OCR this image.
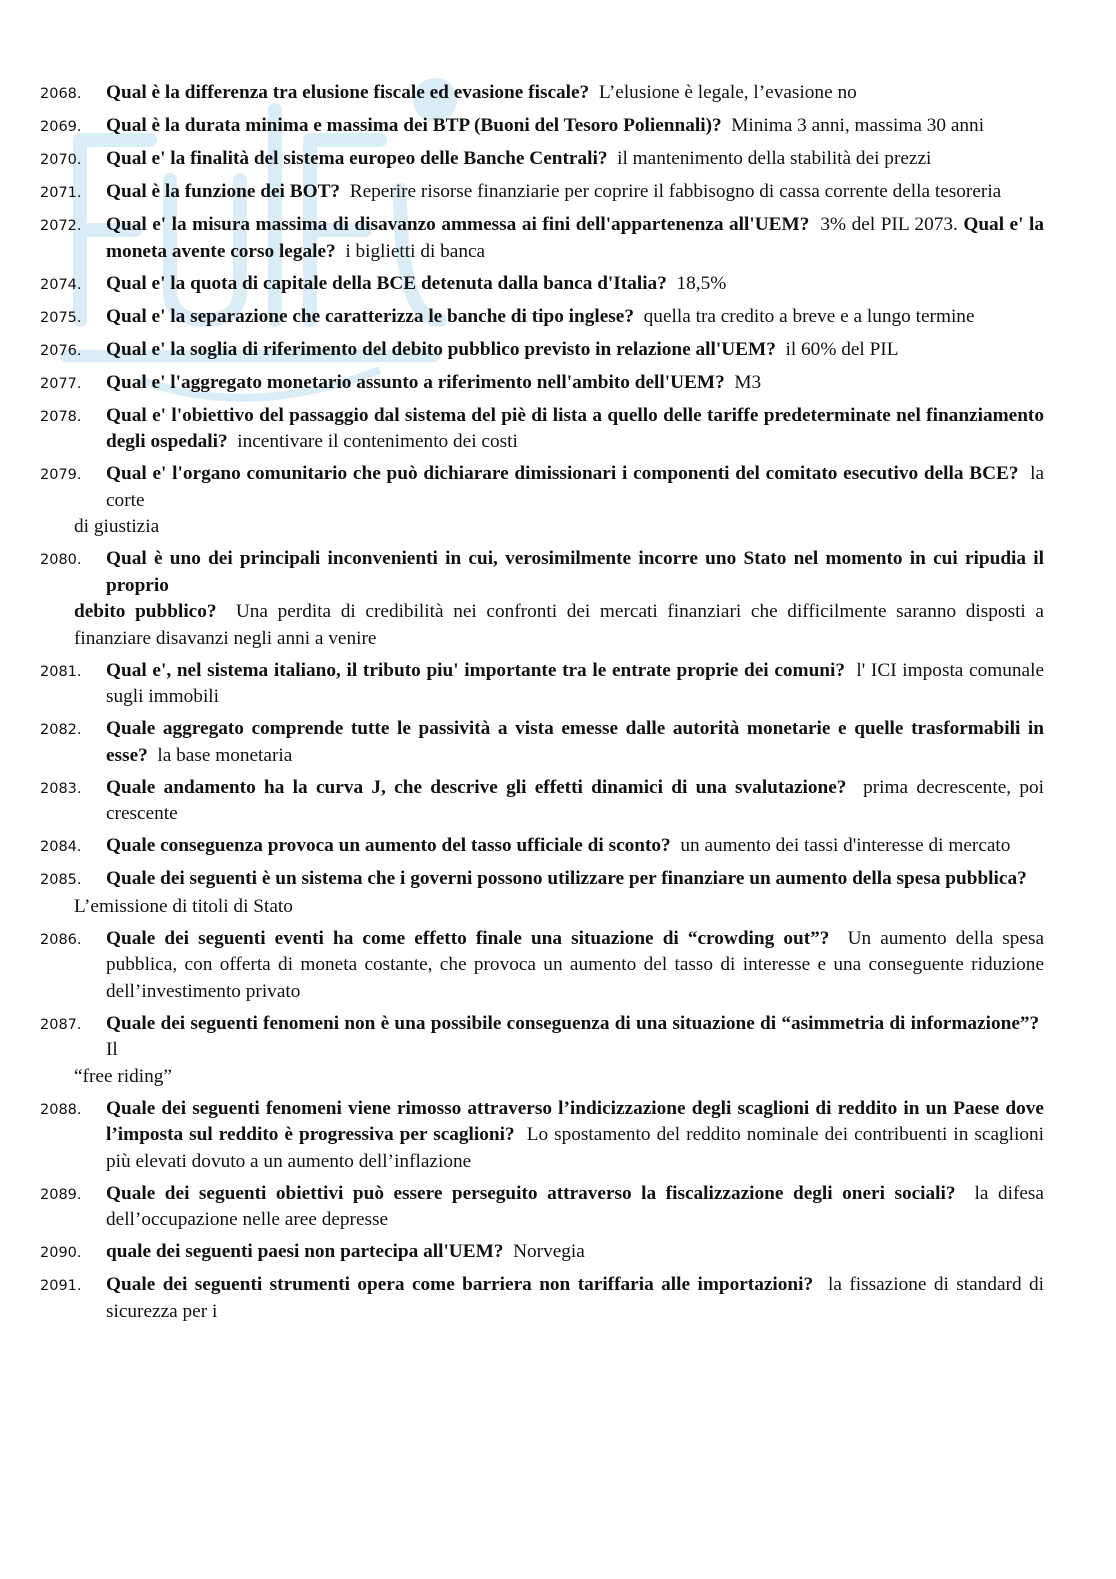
2068.	Qual è la differenza tra elusione fiscale ed evasione fiscale? L’elusione è legale, l’evasione no
2069.	Qual è la durata minima e massima dei BTP (Buoni del Tesoro Poliennali)? Minima 3 anni, massima 30 anni
2070.	Qual e' la finalità del sistema europeo delle Banche Centrali? il mantenimento della stabilità dei prezzi
2071.	Qual è la funzione dei BOT? Reperire risorse finanziarie per coprire il fabbisogno di cassa corrente della tesoreria
2072.	Qual e' la misura massima di disavanzo ammessa ai fini dell'appartenenza all'UEM? 3% del PIL 2073. Qual e' la moneta avente corso legale? i biglietti di banca
2074.	Qual e' la quota di capitale della BCE detenuta dalla banca d'Italia? 18,5%
2075.	Qual e' la separazione che caratterizza le banche di tipo inglese? quella tra credito a breve e a lungo termine
2076.	Qual e' la soglia di riferimento del debito pubblico previsto in relazione all'UEM? il 60% del PIL
2077.	Qual e' l'aggregato monetario assunto a riferimento nell'ambito dell'UEM? M3
2078.	Qual e' l'obiettivo del passaggio dal sistema del piè di lista a quello delle tariffe predeterminate nel finanziamento degli ospedali? incentivare il contenimento dei costi
2079.	Qual e' l'organo comunitario che può dichiarare dimissionari i componenti del comitato esecutivo della BCE? la corte
di giustizia
2080.	Qual è uno dei principali inconvenienti in cui, verosimilmente incorre uno Stato nel momento in cui ripudia il proprio
debito pubblico? Una perdita di credibilità nei confronti dei mercati finanziari che difficilmente saranno disposti a finanziare disavanzi negli anni a venire
2081.	Qual e', nel sistema italiano, il tributo piu' importante tra le entrate proprie dei comuni? l' ICI imposta comunale sugli immobili
2082.	Quale aggregato comprende tutte le passività a vista emesse dalle autorità monetarie e quelle trasformabili in esse? la base monetaria
2083.	Quale andamento ha la curva J, che descrive gli effetti dinamici di una svalutazione? prima decrescente, poi crescente
2084.	Quale conseguenza provoca un aumento del tasso ufficiale di sconto? un aumento dei tassi d'interesse di mercato
2085.	Quale dei seguenti è un sistema che i governi possono utilizzare per finanziare un aumento della spesa pubblica?
L’emissione di titoli di Stato
2086.	Quale dei seguenti eventi ha come effetto finale una situazione di “crowding out”? Un aumento della spesa pubblica, con offerta di moneta costante, che provoca un aumento del tasso di interesse e una conseguente riduzione dell’investimento privato
2087.	Quale dei seguenti fenomeni non è una possibile conseguenza di una situazione di “asimmetria di informazione”?  Il
“free riding”
2088.	Quale dei seguenti fenomeni viene rimosso attraverso l’indicizzazione degli scaglioni di reddito in un Paese dove l’imposta sul reddito è progressiva per scaglioni? Lo spostamento del reddito nominale dei contribuenti in scaglioni più elevati dovuto a un aumento dell’inflazione
2089.	Quale dei seguenti obiettivi può essere perseguito attraverso la fiscalizzazione degli oneri sociali? la difesa dell’occupazione nelle aree depresse
2090.	quale dei seguenti paesi non partecipa all'UEM? Norvegia
2091.	Quale dei seguenti strumenti opera come barriera non tariffaria alle importazioni? la fissazione di standard di sicurezza per i
